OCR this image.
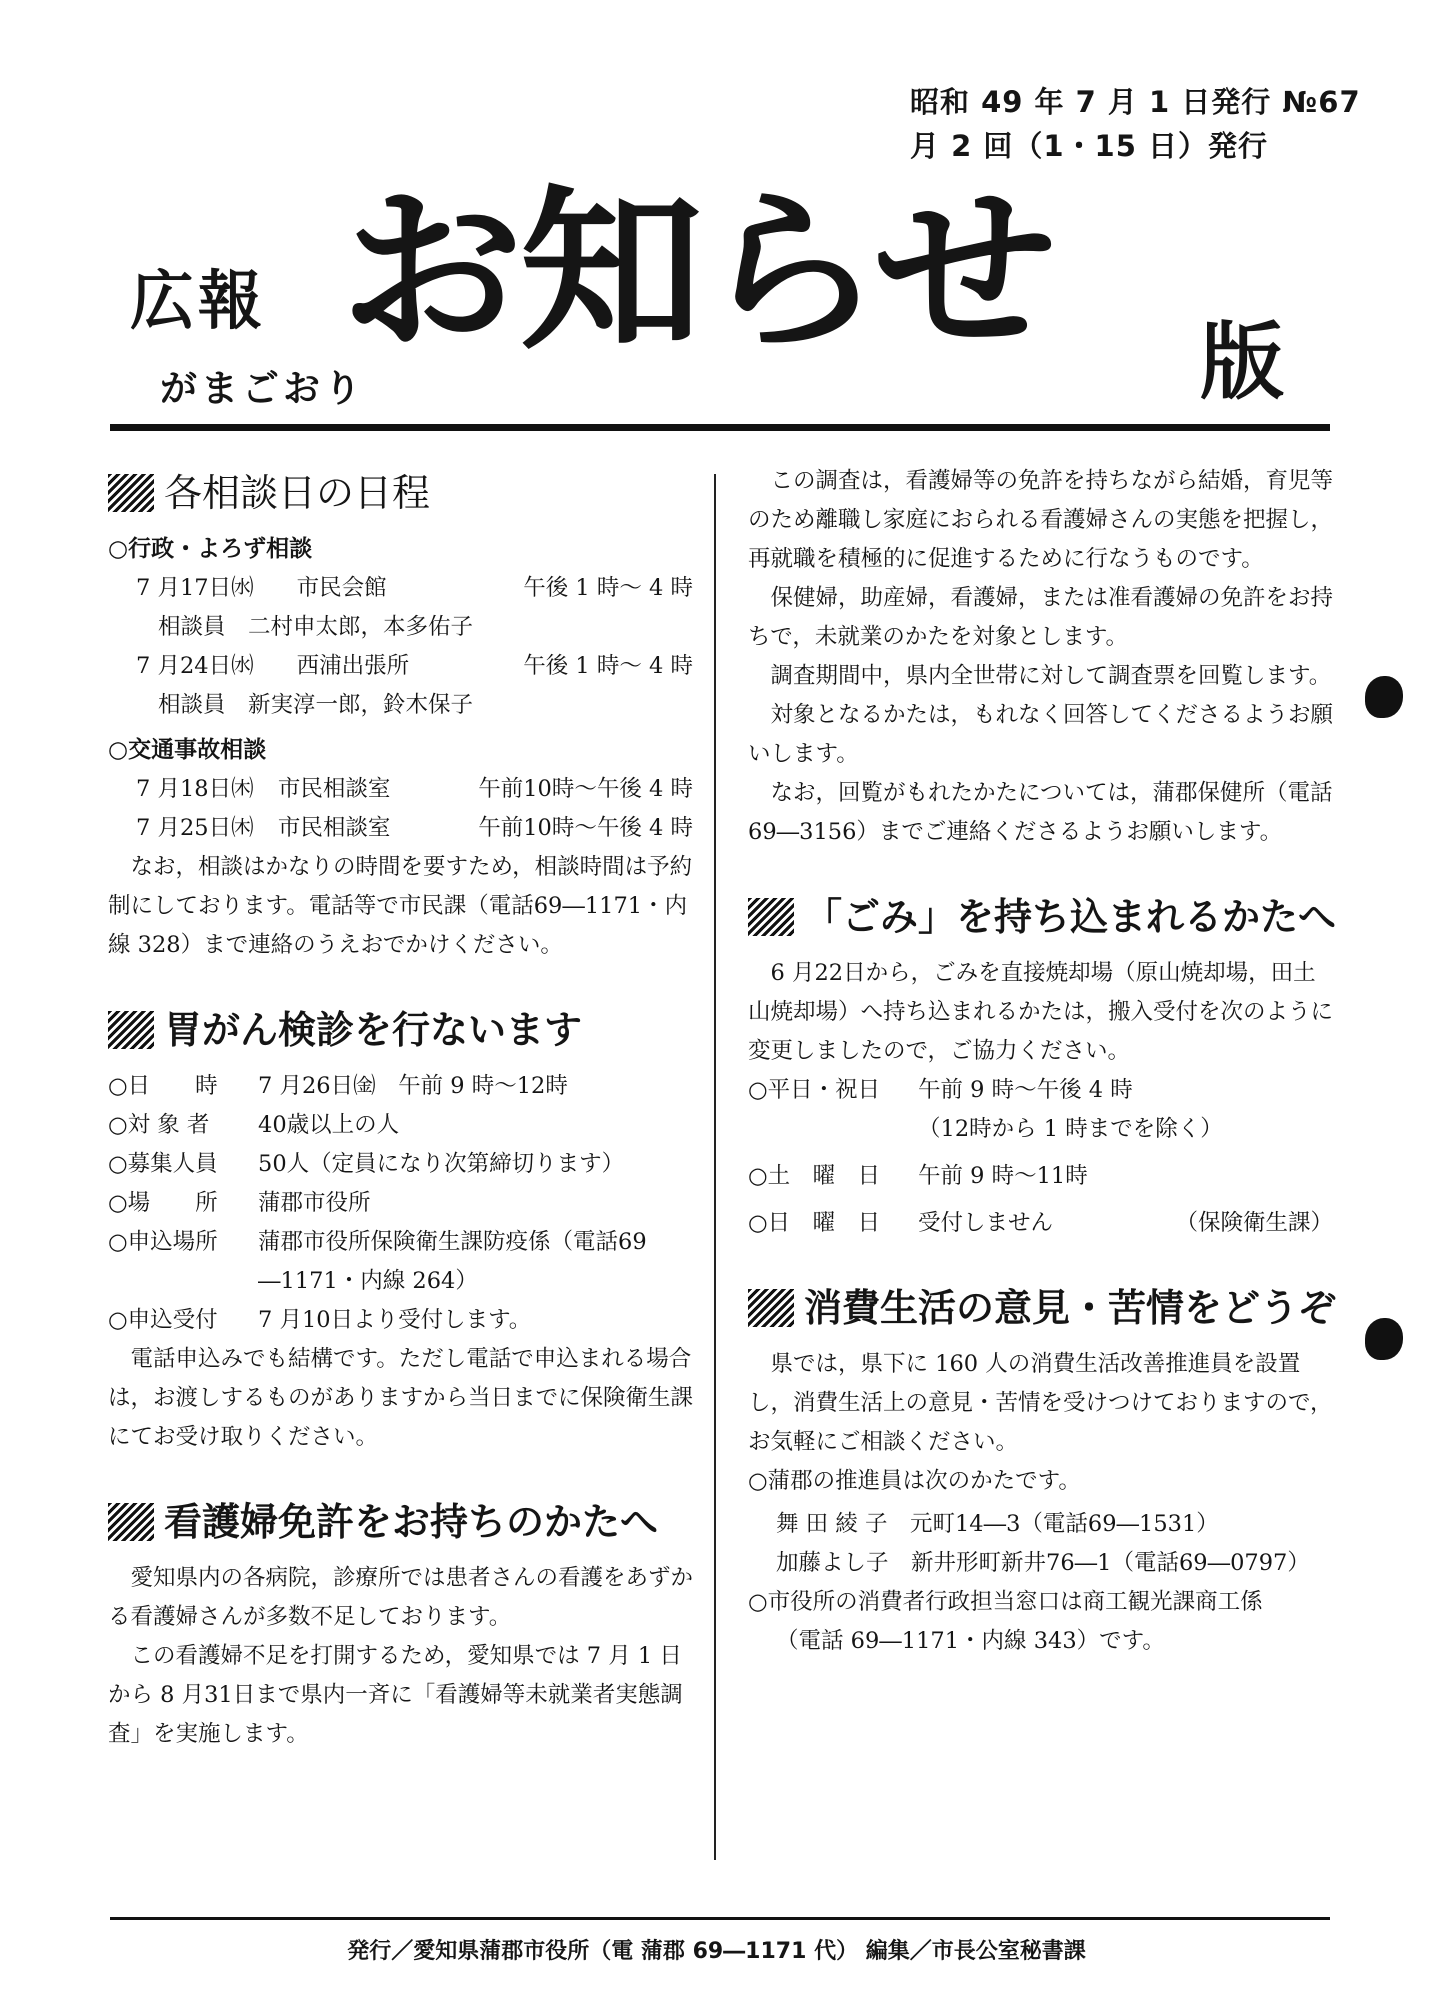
昭和 49 年 7 月 1 日発行 №67
月 2 回（1・15 日）発行
広報
がまごおり
お知らせ 版
各相談日の日程
○行政・よろず相談
7 月17日㈬	市民会館	午後 1 時～ 4 時
相談員　二村申太郎，本多佑子
7 月24日㈬	西浦出張所	午後 1 時～ 4 時
相談員　新実淳一郎，鈴木保子
○交通事故相談
7 月18日㈭	市民相談室	午前10時～午後 4 時
7 月25日㈭	市民相談室	午前10時～午後 4 時

なお，相談はかなりの時間を要すため，相談時間は予約制にしております。電話等で市民課（電話69―1171・内線 328）まで連絡のうえおでかけください。

胃がん検診を行ないます
○日　　時	7 月26日㈮　午前 9 時～12時
○対 象 者	40歳以上の人
○募集人員	50人（定員になり次第締切ります）
○場　　所	蒲郡市役所
○申込場所	蒲郡市役所保険衛生課防疫係（電話69
―1171・内線 264）
○申込受付	7 月10日より受付します。

電話申込みでも結構です。ただし電話で申込まれる場合は，お渡しするものがありますから当日までに保険衛生課にてお受け取りください。

看護婦免許をお持ちのかたへ

愛知県内の各病院，診療所では患者さんの看護をあずかる看護婦さんが多数不足しております。

この看護婦不足を打開するため，愛知県では 7 月 1 日から 8 月31日まで県内一斉に「看護婦等未就業者実態調査」を実施します。

この調査は，看護婦等の免許を持ちながら結婚，育児等のため離職し家庭におられる看護婦さんの実態を把握し，再就職を積極的に促進するために行なうものです。

保健婦，助産婦，看護婦，または准看護婦の免許をお持ちで，未就業のかたを対象とします。

調査期間中，県内全世帯に対して調査票を回覧します。

対象となるかたは，もれなく回答してくださるようお願いします。

なお，回覧がもれたかたについては，蒲郡保健所（電話69―3156）までご連絡くださるようお願いします。

「ごみ」を持ち込まれるかたへ

6 月22日から，ごみを直接焼却場（原山焼却場，田土山焼却場）へ持ち込まれるかたは，搬入受付を次のように変更しましたので，ご協力ください。

○平日・祝日	午前 9 時～午後 4 時
（12時から 1 時までを除く）
○土　曜　日	午前 9 時～11時
○日　曜　日	受付しません	（保険衛生課）
消費生活の意見・苦情をどうぞ

県では，県下に 160 人の消費生活改善推進員を設置し，消費生活上の意見・苦情を受けつけておりますので，お気軽にご相談ください。

○蒲郡の推進員は次のかたです。
舞 田 綾 子　元町14―3（電話69―1531）
加藤よし子　新井形町新井76―1（電話69―0797）
○市役所の消費者行政担当窓口は商工観光課商工係
（電話 69―1171・内線 343）です。
発行／愛知県蒲郡市役所（電 蒲郡 69―1171 代） 編集／市長公室秘書課
